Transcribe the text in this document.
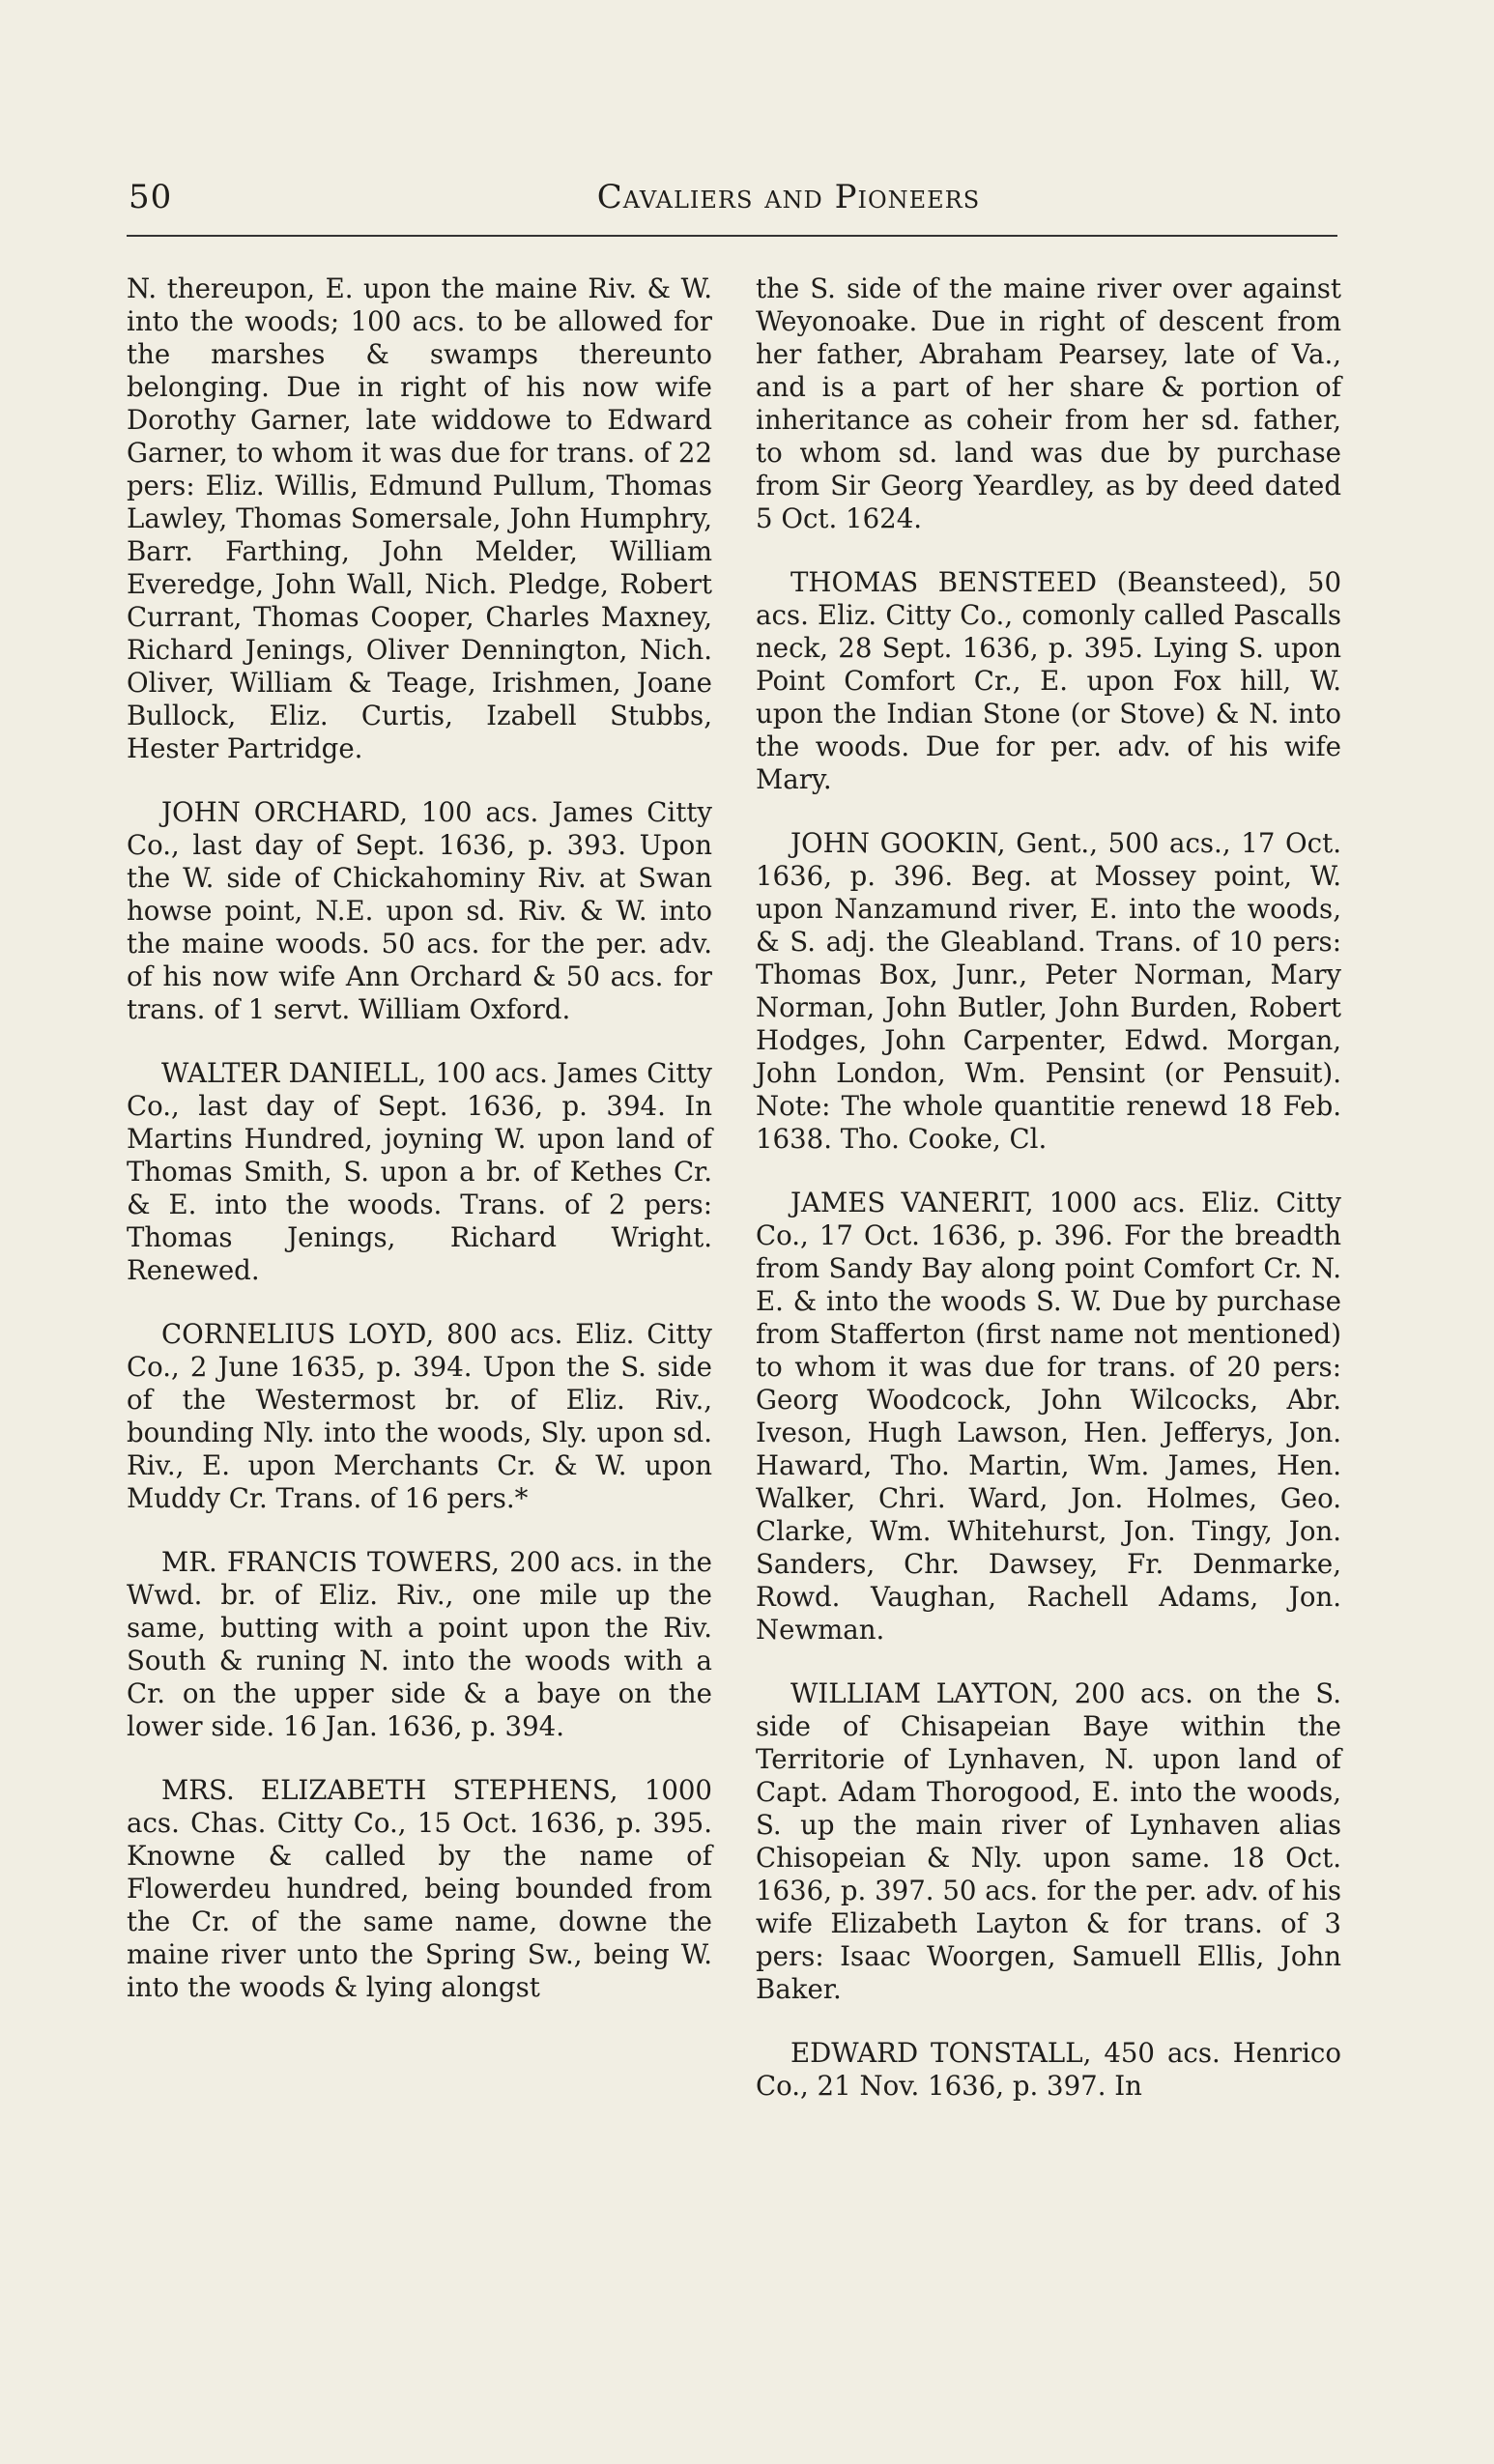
50	Cavaliers and Pioneers

N. thereupon, E. upon the maine Riv. & W. into the woods; 100 acs. to be allowed for the marshes & swamps thereunto belonging. Due in right of his now wife Dorothy Garner, late widdowe to Edward Garner, to whom it was due for trans. of 22 pers: Eliz. Willis, Edmund Pullum, Thomas Lawley, Thomas Somersale, John Humphry, Barr. Farthing, John Melder, William Everedge, John Wall, Nich. Pledge, Robert Currant, Thomas Cooper, Charles Maxney, Richard Jenings, Oliver Dennington, Nich. Oliver, William & Teage, Irishmen, Joane Bullock, Eliz. Curtis, Izabell Stubbs, Hester Partridge.

JOHN ORCHARD, 100 acs. James Citty Co., last day of Sept. 1636, p. 393. Upon the W. side of Chickahominy Riv. at Swan howse point, N.E. upon sd. Riv. & W. into the maine woods. 50 acs. for the per. adv. of his now wife Ann Orchard & 50 acs. for trans. of 1 servt. William Oxford.

WALTER DANIELL, 100 acs. James Citty Co., last day of Sept. 1636, p. 394. In Martins Hundred, joyning W. upon land of Thomas Smith, S. upon a br. of Kethes Cr. & E. into the woods. Trans. of 2 pers: Thomas Jenings, Richard Wright. Renewed.

CORNELIUS LOYD, 800 acs. Eliz. Citty Co., 2 June 1635, p. 394. Upon the S. side of the Westermost br. of Eliz. Riv., bounding Nly. into the woods, Sly. upon sd. Riv., E. upon Merchants Cr. & W. upon Muddy Cr. Trans. of 16 pers.*

MR. FRANCIS TOWERS, 200 acs. in the Wwd. br. of Eliz. Riv., one mile up the same, butting with a point upon the Riv. South & runing N. into the woods with a Cr. on the upper side & a baye on the lower side. 16 Jan. 1636, p. 394.

MRS. ELIZABETH STEPHENS, 1000 acs. Chas. Citty Co., 15 Oct. 1636, p. 395. Knowne & called by the name of Flowerdeu hundred, being bounded from the Cr. of the same name, downe the maine river unto the Spring Sw., being W. into the woods & lying alongst

the S. side of the maine river over against Weyonoake. Due in right of descent from her father, Abraham Pearsey, late of Va., and is a part of her share & portion of inheritance as coheir from her sd. father, to whom sd. land was due by purchase from Sir Georg Yeardley, as by deed dated 5 Oct. 1624.

THOMAS BENSTEED (Beansteed), 50 acs. Eliz. Citty Co., comonly called Pascalls neck, 28 Sept. 1636, p. 395. Lying S. upon Point Comfort Cr., E. upon Fox hill, W. upon the Indian Stone (or Stove) & N. into the woods. Due for per. adv. of his wife Mary.

JOHN GOOKIN, Gent., 500 acs., 17 Oct. 1636, p. 396. Beg. at Mossey point, W. upon Nanzamund river, E. into the woods, & S. adj. the Gleabland. Trans. of 10 pers: Thomas Box, Junr., Peter Norman, Mary Norman, John Butler, John Burden, Robert Hodges, John Carpenter, Edwd. Morgan, John London, Wm. Pensint (or Pensuit). Note: The whole quantitie renewd 18 Feb. 1638. Tho. Cooke, Cl.

JAMES VANERIT, 1000 acs. Eliz. Citty Co., 17 Oct. 1636, p. 396. For the breadth from Sandy Bay along point Comfort Cr. N. E. & into the woods S. W. Due by purchase from Stafferton (first name not mentioned) to whom it was due for trans. of 20 pers: Georg Woodcock, John Wilcocks, Abr. Iveson, Hugh Lawson, Hen. Jefferys, Jon. Haward, Tho. Martin, Wm. James, Hen. Walker, Chri. Ward, Jon. Holmes, Geo. Clarke, Wm. Whitehurst, Jon. Tingy, Jon. Sanders, Chr. Dawsey, Fr. Denmarke, Rowd. Vaughan, Rachell Adams, Jon. Newman.

WILLIAM LAYTON, 200 acs. on the S. side of Chisapeian Baye within the Territorie of Lynhaven, N. upon land of Capt. Adam Thorogood, E. into the woods, S. up the main river of Lynhaven alias Chisopeian & Nly. upon same. 18 Oct. 1636, p. 397. 50 acs. for the per. adv. of his wife Elizabeth Layton & for trans. of 3 pers: Isaac Woorgen, Samuell Ellis, John Baker.

EDWARD TONSTALL, 450 acs. Henrico Co., 21 Nov. 1636, p. 397. In
